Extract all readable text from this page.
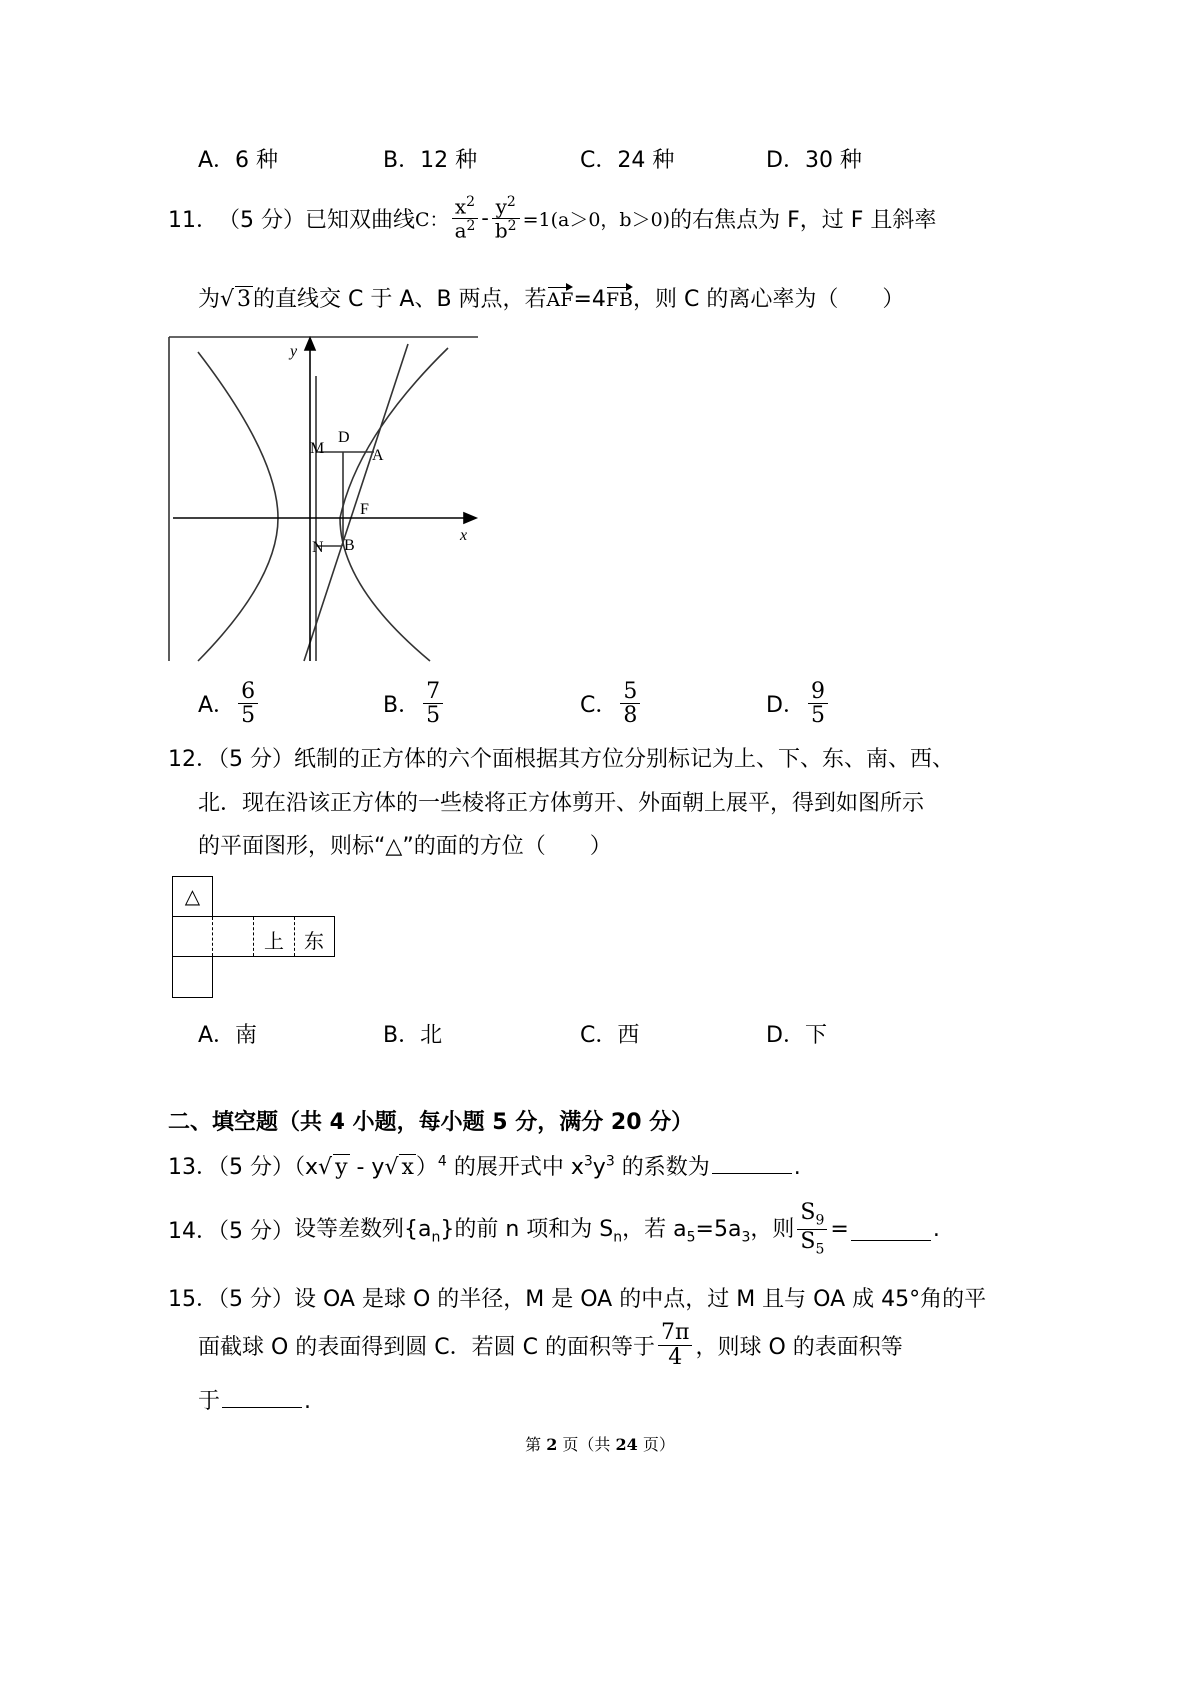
A．6 种	B．12 种	C．24 种	D．30 种
11． （5 分） 已知双曲线 C： $\frac{x^2}{a^2} - \frac{y^2}{b^2} =1(a>0$，b＞0) 的右焦点为 F，过 F 且斜率
为√ 3的直线交 C 于 A、B 两点，若AF=4FB，则 C 的离心率为（　　）
y
x
M
D
A
F
N B
A． $\frac{6}{5}$	B． $\frac{7}{5}$	C． $\frac{5}{8}$	D． $\frac{9}{5}$
12．（5 分）纸制的正方体的六个面根据其方位分别标记为上、下、东、南、西、
北．现在沿该正方体的一些棱将正方体剪开、外面朝上展平，得到如图所示
的平面图形，则标“△”的面的方位（　　）
△
上 东
A．南	B．北	C．西	D．下
二、填空题（共 4 小题，每小题 5 分，满分 20 分）
13．（5 分）（x√ y - y√ x）$^4$ 的展开式中 $x^3y^3$ 的系数为	.
14．（5 分） 设等差数列$\{a_n\}$的前 n 项和为 $S_n$，若 $a_5=5a_3$，则 $\frac{S_9}{S_5}$ =	.
15．（5 分）设 OA 是球 O 的半径，M 是 OA 的中点，过 M 且与 OA 成 45°角的平
面截球 O 的表面得到圆 C．若圆 C 的面积等于 $\frac{7\pi}{4}$ ，则球 O 的表面积等
于	.
第 2 页（共 24 页）
